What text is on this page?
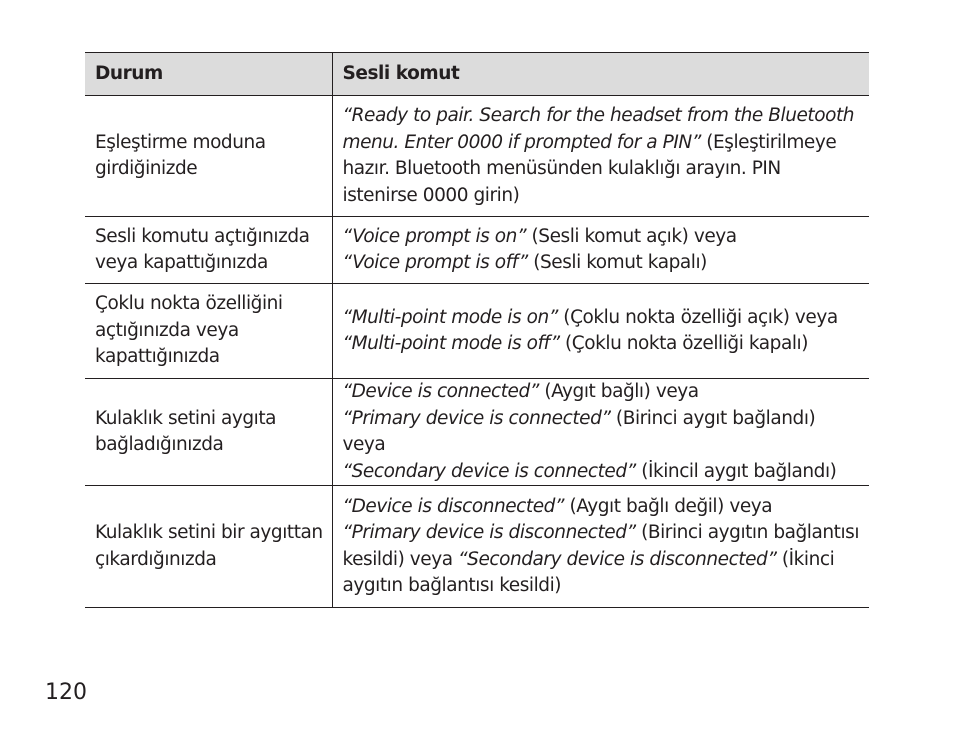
Durum	Sesli komut
Eşleştirme moduna girdiğinizde	“Ready to pair. Search for the headset from the Bluetooth menu. Enter 0000 if prompted for a PIN” (Eşleştirilmeye hazır. Bluetooth menüsünden kulaklığı arayın. PIN istenirse 0000 girin)
Sesli komutu açtığınızda veya kapattığınızda	“Voice prompt is on” (Sesli komut açık) veya
“Voice prompt is off” (Sesli komut kapalı)
Çoklu nokta özelliğini açtığınızda veya kapattığınızda	“Multi-point mode is on” (Çoklu nokta özelliği açık) veya
“Multi-point mode is off” (Çoklu nokta özelliği kapalı)
Kulaklık setini aygıta bağladığınızda	“Device is connected” (Aygıt bağlı) veya
“Primary device is connected” (Birinci aygıt bağlandı) veya
“Secondary device is connected” (İkincil aygıt bağlandı)
Kulaklık setini bir aygıttan çıkardığınızda	“Device is disconnected” (Aygıt bağlı değil) veya
“Primary device is disconnected” (Birinci aygıtın bağlantısı kesildi) veya “Secondary device is disconnected” (İkinci aygıtın bağlantısı kesildi)
120
